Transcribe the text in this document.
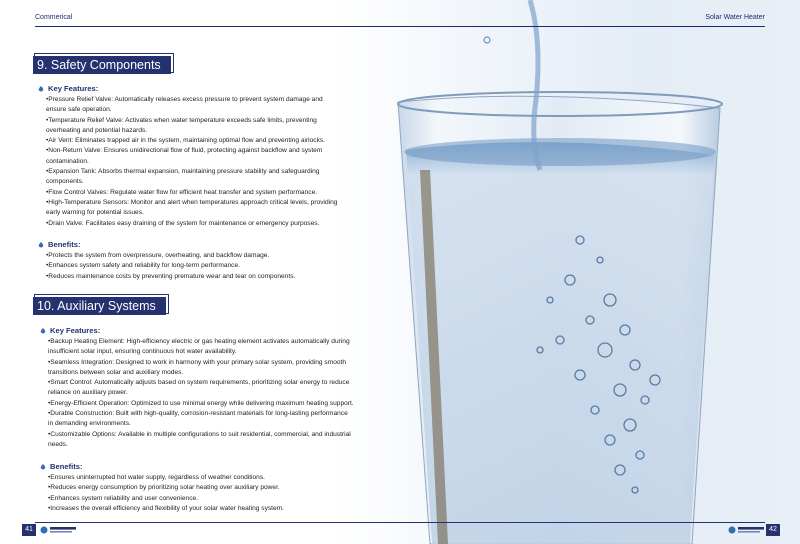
Commerical	Solar Water Heater
9. Safety Components
Key Features:
•Pressure Relief Valve: Automatically releases excess pressure to prevent system damage and
ensure safe operation.
•Temperature Relief Valve: Activates when water temperature exceeds safe limits, preventing
overheating and potential hazards.
•Air Vent: Eliminates trapped air in the system, maintaining optimal flow and preventing airlocks.
•Non-Return Valve: Ensures unidirectional flow of fluid, protecting against backflow and system
contamination.
•Expansion Tank: Absorbs thermal expansion, maintaining pressure stability and safeguarding
components.
•Flow Control Valves: Regulate water flow for efficient heat transfer and system performance.
•High-Temperature Sensors: Monitor and alert when temperatures approach critical levels, providing
early warning for potential issues.
•Drain Valve: Facilitates easy draining of the system for maintenance or emergency purposes.
Benefits:
•Protects the system from overpressure, overheating, and backflow damage.
•Enhances system safety and reliability for long-term performance.
•Reduces maintenance costs by preventing premature wear and tear on components.
10. Auxiliary Systems
Key Features:
•Backup Heating Element: High-efficiency electric or gas heating element activates automatically during
insufficient solar input, ensuring continuous hot water availability.
•Seamless Integration: Designed to work in harmony with your primary solar system, providing smooth
transitions between solar and auxiliary modes.
•Smart Control: Automatically adjusts based on system requirements, prioritizing solar energy to reduce
reliance on auxiliary power.
•Energy-Efficient Operation: Optimized to use minimal energy while delivering maximum heating support.
•Durable Construction: Built with high-quality, corrosion-resistant materials for long-lasting performance
in demanding environments.
•Customizable Options: Available in multiple configurations to suit residential, commercial, and industrial
needs.
Benefits:
•Ensures uninterrupted hot water supply, regardless of weather conditions.
•Reduces energy consumption by prioritizing solar heating over auxiliary power.
•Enhances system reliability and user convenience.
•Increases the overall efficiency and flexibility of your solar water heating system.
41	42
